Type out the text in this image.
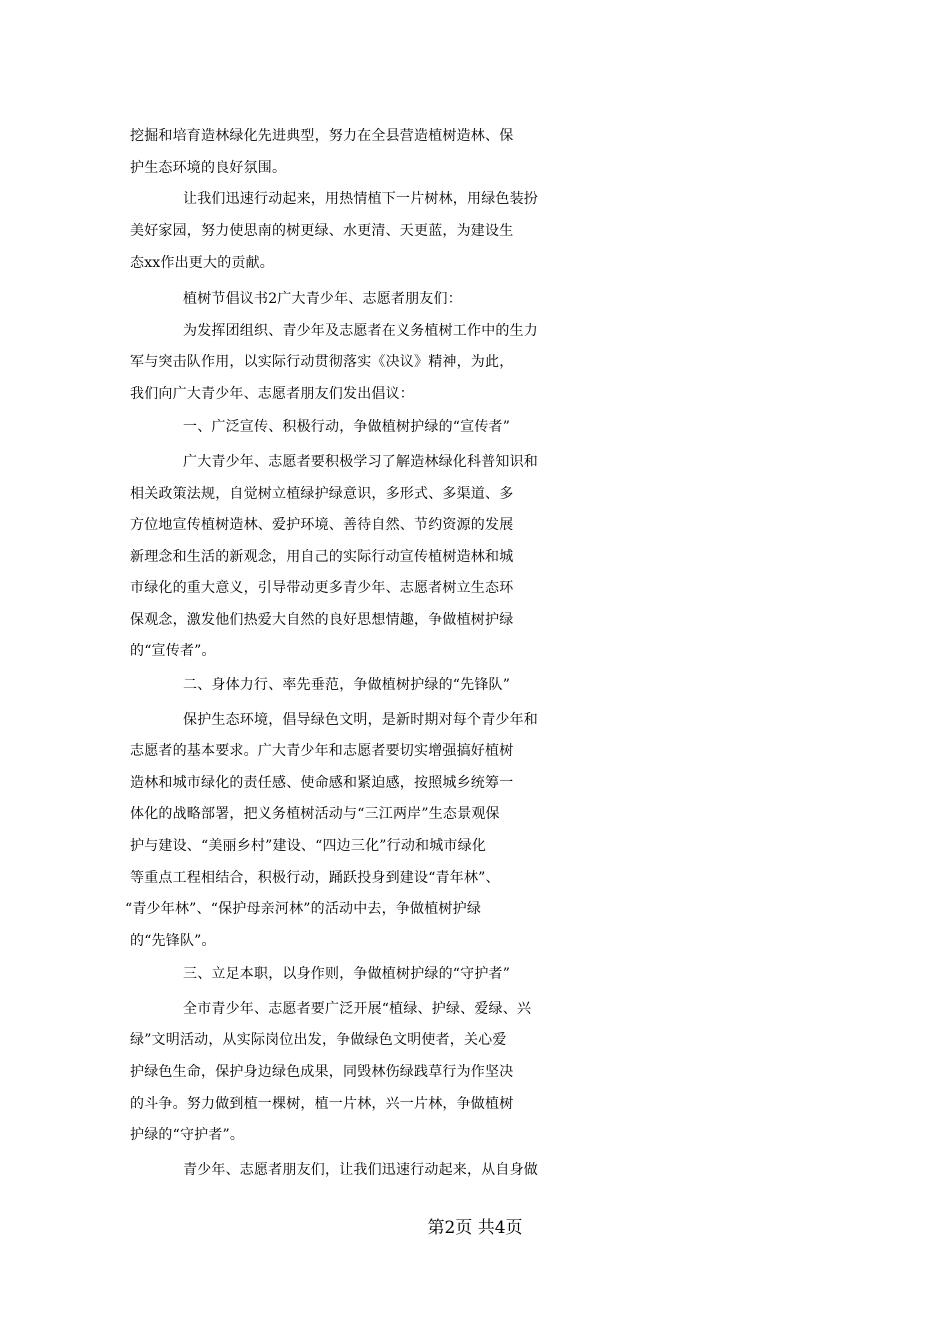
挖掘和培育造林绿化先进典型，努力在全县营造植树造林、保

护生态环境的良好氛围。

让我们迅速行动起来，用热情植下一片树林，用绿色装扮

美好家园，努力使思南的树更绿、水更清、天更蓝，为建设生

态xx作出更大的贡献。

植树节倡议书2广大青少年、志愿者朋友们：

为发挥团组织、青少年及志愿者在义务植树工作中的生力

军与突击队作用，以实际行动贯彻落实《决议》精神，为此，

我们向广大青少年、志愿者朋友们发出倡议：

一、广泛宣传、积极行动，争做植树护绿的“宣传者”

广大青少年、志愿者要积极学习了解造林绿化科普知识和

相关政策法规，自觉树立植绿护绿意识，多形式、多渠道、多

方位地宣传植树造林、爱护环境、善待自然、节约资源的发展

新理念和生活的新观念，用自己的实际行动宣传植树造林和城

市绿化的重大意义，引导带动更多青少年、志愿者树立生态环

保观念，激发他们热爱大自然的良好思想情趣，争做植树护绿

的“宣传者”。

二、身体力行、率先垂范，争做植树护绿的“先锋队”

保护生态环境，倡导绿色文明，是新时期对每个青少年和

志愿者的基本要求。广大青少年和志愿者要切实增强搞好植树

造林和城市绿化的责任感、使命感和紧迫感，按照城乡统筹一

体化的战略部署，把义务植树活动与“三江两岸”生态景观保

护与建设、“美丽乡村”建设、“四边三化”行动和城市绿化

等重点工程相结合，积极行动，踊跃投身到建设“青年林”、

“青少年林”、“保护母亲河林”的活动中去，争做植树护绿

的“先锋队”。

三、立足本职，以身作则，争做植树护绿的“守护者”

全市青少年、志愿者要广泛开展“植绿、护绿、爱绿、兴

绿”文明活动，从实际岗位出发，争做绿色文明使者，关心爱

护绿色生命，保护身边绿色成果，同毁林伤绿践草行为作坚决

的斗争。努力做到植一棵树，植一片林，兴一片林，争做植树

护绿的“守护者”。

青少年、志愿者朋友们，让我们迅速行动起来，从自身做

第2页 共4页
